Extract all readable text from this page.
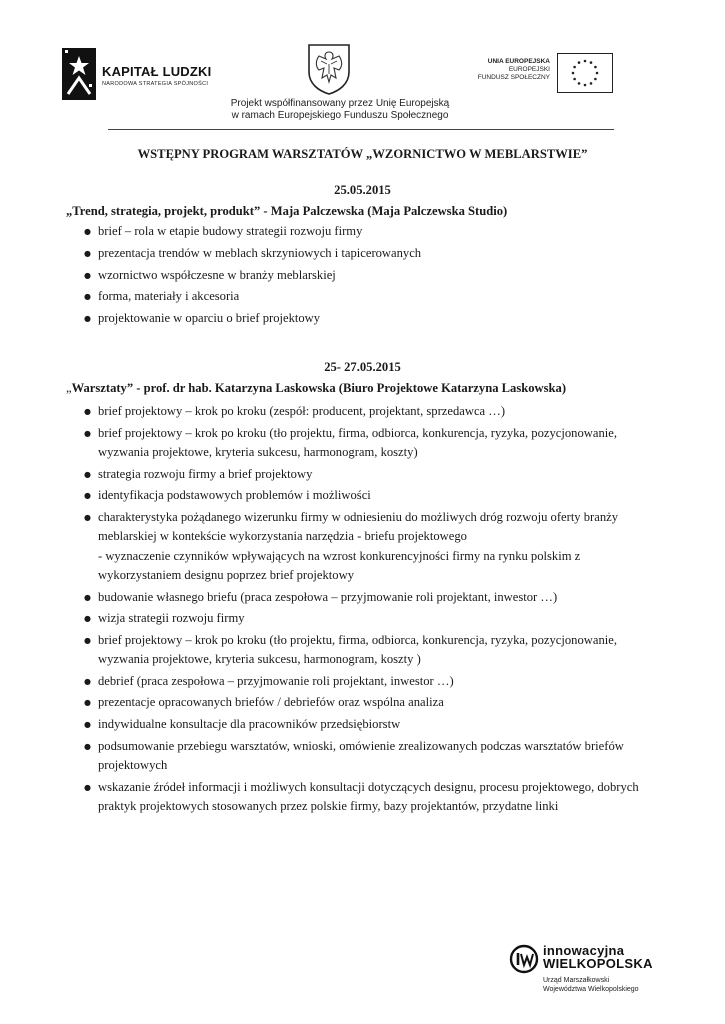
KAPITAŁ LUDZKI
NARODOWA STRATEGIA SPÓJNOŚCI
Projekt współfinansowany przez Unię Europejską
w ramach Europejskiego Funduszu Społecznego
UNIA EUROPEJSKA
EUROPEJSKI
FUNDUSZ SPOŁECZNY
WSTĘPNY PROGRAM WARSZTATÓW „WZORNICTWO W MEBLARSTWIE”
25.05.2015
„Trend, strategia, projekt, produkt” - Maja Palczewska (Maja Palczewska Studio)
● brief – rola w etapie budowy strategii rozwoju firmy
● prezentacja trendów w meblach skrzyniowych i tapicerowanych
● wzornictwo współczesne w branży meblarskiej
● forma, materiały i akcesoria
● projektowanie w oparciu o brief projektowy
25- 27.05.2015
„Warsztaty” - prof. dr hab. Katarzyna Laskowska (Biuro Projektowe Katarzyna Laskowska)
● brief projektowy – krok po kroku (zespół: producent, projektant, sprzedawca …)
● brief projektowy – krok po kroku (tło projektu, firma, odbiorca, konkurencja, ryzyka, pozycjonowanie, wyzwania projektowe, kryteria sukcesu, harmonogram, koszty)
● strategia rozwoju firmy a brief projektowy
● identyfikacja podstawowych problemów i możliwości
● charakterystyka pożądanego wizerunku firmy w odniesieniu do możliwych dróg rozwoju oferty branży meblarskiej w kontekście wykorzystania narzędzia - briefu projektowego
- wyznaczenie czynników wpływających na wzrost konkurencyjności firmy na rynku polskim z wykorzystaniem designu poprzez brief projektowy
● budowanie własnego briefu (praca zespołowa – przyjmowanie roli projektant, inwestor …)
● wizja strategii rozwoju firmy
● brief projektowy – krok po kroku (tło projektu, firma, odbiorca, konkurencja, ryzyka, pozycjonowanie, wyzwania projektowe, kryteria sukcesu, harmonogram, koszty )
● debrief (praca zespołowa – przyjmowanie roli projektant, inwestor …)
● prezentacje opracowanych briefów / debriefów oraz wspólna analiza
● indywidualne konsultacje dla pracowników przedsiębiorstw
● podsumowanie przebiegu warsztatów, wnioski, omówienie zrealizowanych podczas warsztatów briefów projektowych
● wskazanie źródeł informacji i możliwych konsultacji dotyczących designu, procesu projektowego, dobrych praktyk projektowych stosowanych przez polskie firmy, bazy projektantów, przydatne linki
innowacyjna
WIELKOPOLSKA
Urząd Marszałkowski
Województwa Wielkopolskiego
